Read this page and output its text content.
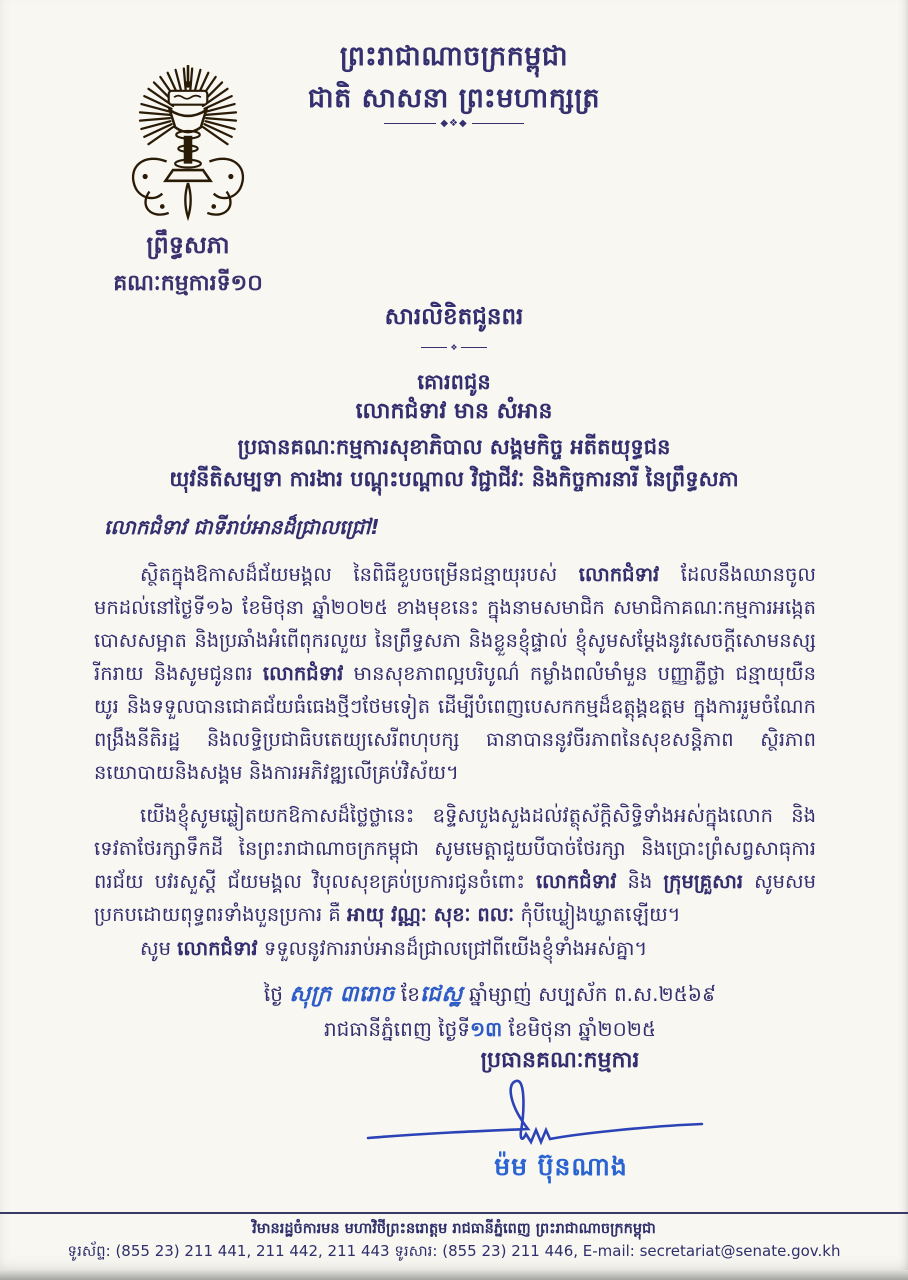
ព្រះរាជាណាចក្រកម្ពុជា
ជាតិ សាសនា ព្រះមហាក្សត្រ
◆❖◆
ព្រឹទ្ធសភា
គណៈកម្មការទី១០
សារលិខិតជូនពរ
❖
គោរពជូន
លោកជំទាវ មាន សំអាន
ប្រធានគណៈកម្មការសុខាភិបាល សង្គមកិច្ច អតីតយុទ្ធជន
យុវនីតិសម្បទា ការងារ បណ្តុះបណ្តាល វិជ្ជាជីវៈ និងកិច្ចការនារី នៃព្រឹទ្ធសភា
លោកជំទាវ ជាទីរាប់អានដ៏ជ្រាលជ្រៅ!
ស្ថិតក្នុងឱកាសដ៏ជ័យមង្គល នៃពិធីខួបចម្រើនជន្មាយុរបស់ លោកជំទាវ ដែលនឹងឈានចូលមកដល់នៅថ្ងៃទី១៦ ខែមិថុនា ឆ្នាំ២០២៥ ខាងមុខនេះ ក្នុងនាមសមាជិក សមាជិកាគណៈកម្មការអង្កេត បោសសម្អាត និងប្រឆាំងអំពើពុករលួយ នៃព្រឹទ្ធសភា និងខ្លួនខ្ញុំផ្ទាល់ ខ្ញុំសូមសម្តែងនូវសេចក្តីសោមនស្សរីករាយ និងសូមជូនពរ លោកជំទាវ មានសុខភាពល្អបរិបូណ៌ កម្លាំងពលំមាំមួន បញ្ញាភ្លឺថ្លា ជន្មាយុយឺនយូរ និងទទួលបានជោគជ័យធំធេងថ្មីៗថែមទៀត ដើម្បីបំពេញបេសកកម្មដ៏ឧត្តុង្គឧត្តម ក្នុងការរួមចំណែកពង្រឹងនីតិរដ្ឋ និងលទ្ធិប្រជាធិបតេយ្យសេរីពហុបក្ស ធានាបាននូវចីរភាពនៃសុខសន្តិភាព ស្ថិរភាពនយោបាយនិងសង្គម និងការអភិវឌ្ឍលើគ្រប់វិស័យ។
យើងខ្ញុំសូមឆ្លៀតយកឱកាសដ៏ថ្លៃថ្លានេះ ឧទ្ទិសបួងសួងដល់វត្ថុស័ក្តិសិទ្ធិទាំងអស់ក្នុងលោក និងទេវតាថែរក្សាទឹកដី នៃព្រះរាជាណាចក្រកម្ពុជា សូមមេត្តាជួយបីបាច់ថែរក្សា និងប្រោះព្រំសព្វសាធុការពរជ័យ បវរសួស្តី ជ័យមង្គល វិបុលសុខគ្រប់ប្រការជូនចំពោះ លោកជំទាវ និង ក្រុមគ្រួសារ សូមសមប្រកបដោយពុទ្ធពរទាំងបួនប្រការ គឺ អាយុ វណ្ណៈ សុខៈ ពលៈ កុំបីឃ្លៀងឃ្លាតឡើយ។
សូម លោកជំទាវ ទទួលនូវការរាប់អានដ៏ជ្រាលជ្រៅពីយើងខ្ញុំទាំងអស់គ្នា។
ថ្ងៃ សុក្រ ៣រោច ខែជេស្ឋ ឆ្នាំម្សាញ់ សប្បស័ក ព.ស.២៥៦៩
រាជធានីភ្នំពេញ ថ្ងៃទី១៣ ខែមិថុនា ឆ្នាំ២០២៥
ប្រធានគណៈកម្មការ
ម៉ម ប៊ុនណាង
វិមានរដ្ឋចំការមន មហាវិថីព្រះនរោត្តម រាជធានីភ្នំពេញ ព្រះរាជាណាចក្រកម្ពុជា
ទូរស័ព្ទ: (855 23) 211 441, 211 442, 211 443 ទូរសារ: (855 23) 211 446, E-mail: secretariat@senate.gov.kh
